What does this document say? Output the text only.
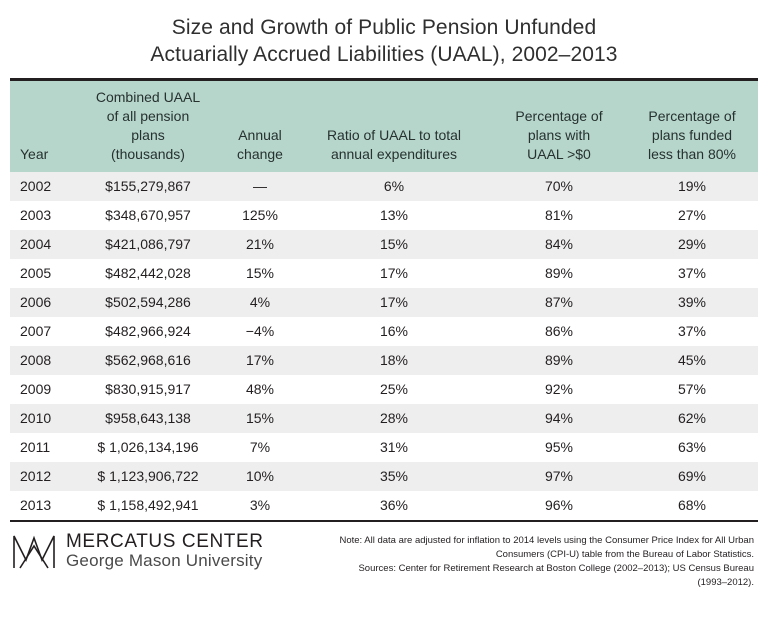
Size and Growth of Public Pension Unfunded
Actuarially Accrued Liabilities (UAAL), 2002–2013
Year

Combined UAAL
of all pension
plans
(thousands)

Annual
change

Ratio of UAAL to total
annual expenditures

Percentage of
plans with
UAAL >$0

Percentage of
plans funded
less than 80%

2002	$155,279,867	—	6%	70%	19%
2003	$348,670,957	125%	13%	81%	27%
2004	$421,086,797	21%	15%	84%	29%
2005	$482,442,028	15%	17%	89%	37%
2006	$502,594,286	4%	17%	87%	39%
2007	$482,966,924	−4%	16%	86%	37%
2008	$562,968,616	17%	18%	89%	45%
2009	$830,915,917	48%	25%	92%	57%
2010	$958,643,138	15%	28%	94%	62%
2011	$ 1,026,134,196	7%	31%	95%	63%
2012	$ 1,123,906,722	10%	35%	97%	69%
2013	$ 1,158,492,941	3%	36%	96%	68%
MERCATUS CENTER
George Mason University
Note: All data are adjusted for inflation to 2014 levels using the Consumer Price Index for All Urban Consumers (CPI-U) table from the Bureau of Labor Statistics.
Sources: Center for Retirement Research at Boston College (2002–2013); US Census Bureau (1993–2012).
